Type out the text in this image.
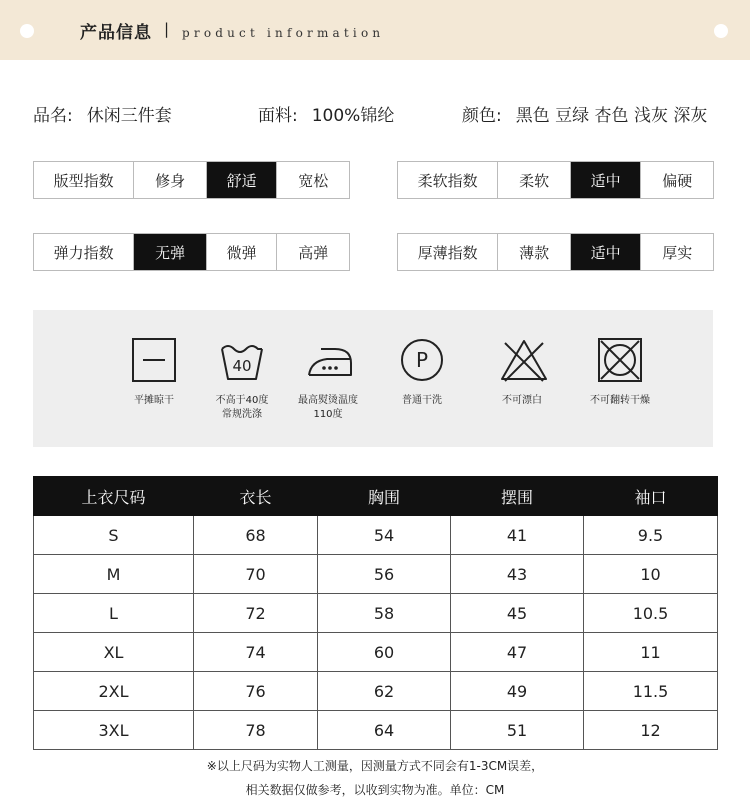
产品信息 | product information
品名: 休闲三件套	面料: 100%锦纶	颜色: 黑色 豆绿 杏色 浅灰 深灰
版型指数	修身	舒适	宽松	柔软指数	柔软	适中	偏硬
弹力指数	无弹	微弹	高弹	厚薄指数	薄款	适中	厚实
平摊晾干
40
不高于40度
常规洗涤
最高熨烫温度
110度
P
普通干洗	不可漂白	不可翻转干燥
上衣尺码	衣长	胸围	摆围	袖口
S	68	54	41	9.5
M	70	56	43	10
L	72	58	45	10.5
XL	74	60	47	11
2XL	76	62	49	11.5
3XL	78	64	51	12
※以上尺码为实物人工测量，因测量方式不同会有1-3CM误差，
相关数据仅做参考，以收到实物为准。单位：CM
